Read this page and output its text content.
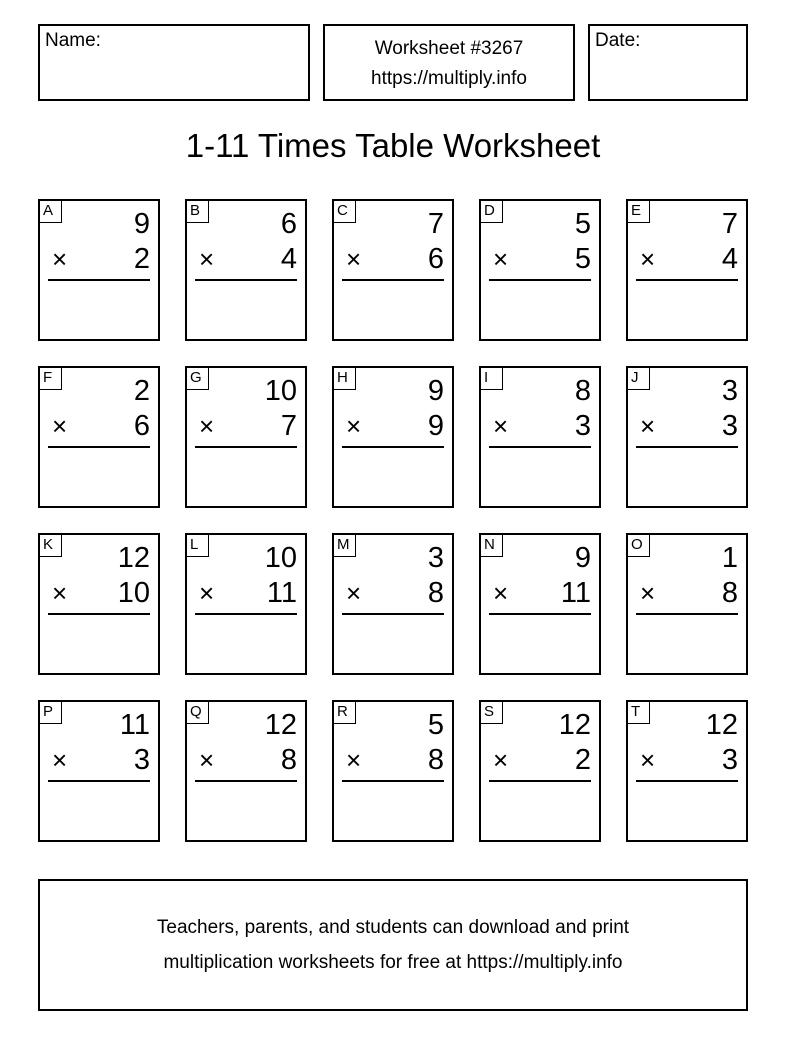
Name:	Worksheet #3267
https://multiply.info
Date:
1-11 Times Table Worksheet
A	9
× 2
B	6
× 4
C	7
× 6
D	5
× 5
E	7
× 4
F	2
× 6
G 10
× 7
H	9
× 9
I	8
× 3
J	3
× 3
K	12
× 10
L	10
× 11
M	3
× 8
N	9
× 11
O	1
× 8
P	11
× 3
Q 12
× 8
R	5
× 8
S	12
× 2
T	12
× 3
Teachers, parents, and students can download and print
multiplication worksheets for free at https://multiply.info
